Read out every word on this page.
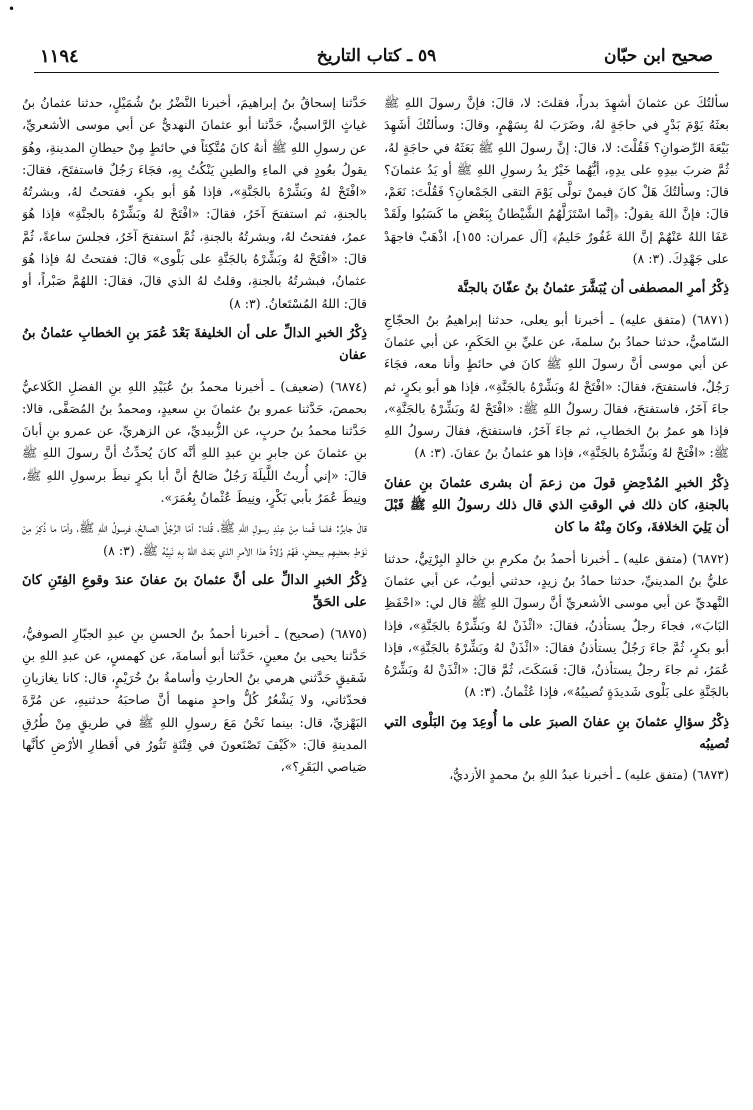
•
صحيح ابن حبّان
٥٩ ـ كتاب التاريخ
١١٩٤

سألتُكَ عن عثمانَ أشهِدَ بدراً، فقلتَ: لا، قالَ: فإنَّ رسولَ اللهِ ﷺ بعثَهُ يَوْمَ بَدْرٍ في حاجَةٍ لهُ، وضَرَبَ لهُ بِسَهْمٍ، وقالَ: وسألتُكَ أشَهِدَ بَيْعَةَ الرِّضوانِ؟ فَقُلْتَ: لا، قالَ: إنَّ رسولَ اللهِ ﷺ بَعَثَهُ في حاجَةٍ لهُ، ثُمَّ ضربَ بيدِهِ على يدِهِ، أيُّهُما خَيْرٌ يدُ رسولِ اللهِ ﷺ أو يَدُ عثمانَ؟ قالَ: وسألتُكَ هَلْ كانَ فيمنْ تولَّى يَوْمَ التقى الجَمْعانِ؟ فَقُلْتَ: نَعَمْ، قالَ: فإنَّ اللهَ يقولُ: ﴿إنَّما اسْتَزَلَّهُمُ الشَّيْطانُ بِبَعْضِ ما كَسَبُوا ولَقَدْ عَفَا اللهُ عَنْهُمْ إنَّ اللهَ غَفُورٌ حَليمٌ﴾ [آل عمران: ١٥٥]، اذْهَبْ فاجهَدْ على جَهْدِكَ. (٣: ٨)

ذِكْرُ أمرِ المصطفى أن يُبَشَّرَ عثمانُ بنُ عفّانَ بالجنَّة

(٦٨٧١) (متفق عليه) ـ أخبرنا أبو يعلى، حدثنا إبراهيمُ بنُ الحجّاجِ السّاميُّ، حدثنا حمادُ بنُ سلمةَ، عن عليِّ بنِ الحَكَمِ، عن أبي عثمانَ عن أبي موسى أنَّ رسولَ اللهِ ﷺ كانَ في حائطٍ وأنا معه، فجَاءَ رَجُلٌ، فاستفتحَ، فقالَ: «افْتَحْ لهُ وبَشِّرْهُ بالجَنَّةِ»، فإذا هو أبو بكرٍ، ثم جاءَ آخَرُ، فاستفتحَ، فقالَ رسولُ اللهِ ﷺ: «افْتَحْ لهُ وبَشِّرْهُ بالجَنَّةِ»، فإذا هو عمرُ بنُ الخطابِ، ثم جاءَ آخَرُ، فاستفتحَ، فقالَ رسولُ اللهِ ﷺ: «افْتَحْ لهُ وبَشِّرْهُ بالجَنَّةِ»، فإذا هو عثمانُ بنُ عفانَ. (٣: ٨)

ذِكْرُ الخبرِ المُدْحِضِ قولَ من زعمَ أن بشرى عثمانَ بنِ عفانَ بالجنةِ، كان ذلك في الوقتِ الذي قال ذلك رسولُ اللهِ ﷺ قَبْلَ أن يَلِيَ الخلافةَ، وكانَ مِنْهُ ما كان

(٦٨٧٢) (متفق عليه) ـ أخبرنا أحمدُ بنُ مكرمِ بنِ خالدٍ البِرْتِيُّ، حدثنا عليُّ بنُ المدينيِّ، حدثنا حمادُ بنُ زيدٍ، حدثني أيوبُ، عن أبي عثمانَ النَّهديِّ عن أبي موسى الأشعريِّ أنَّ رسولَ اللهِ ﷺ قال لي: «احْفَظِ البَابَ»، فجاءَ رجلٌ يستأذنُ، فقالَ: «ائْذَنْ لهُ وبَشِّرْهُ بالجَنَّةِ»، فإذا أبو بكرٍ، ثُمَّ جاءَ رَجُلٌ يستأذنُ فقالَ: «ائْذَنْ لهُ وبَشِّرْهُ بالجَنَّةِ»، فإذا عُمَرُ، ثم جاءَ رجلٌ يستأذنُ، قالَ: فَسَكَتَ، ثُمَّ قالَ: «ائْذَنْ لهُ وبَشِّرْهُ بالجَنَّةِ على بَلْوى شَديدَةٍ تُصيبُهُ»، فإذا عُثْمانُ. (٣: ٨)

ذِكْرُ سؤالِ عثمانَ بنِ عفانَ الصبرَ على ما أُوعِدَ مِنَ البَلْوى التي تُصيبُه

(٦٨٧٣) (متفق عليه) ـ أخبرنا عبدُ اللهِ بنُ محمدٍ الأزديُّ،

حَدَّثنا إسحاقُ بنُ إبراهيمَ، أخبرنا النَّضْرُ بنُ شُمَيْلٍ، حدثنا عثمانُ بنُ غياثٍ الرَّاسبيُّ، حَدَّثنا أبو عثمانَ النهديُّ عن أبي موسى الأشعريِّ، عن رسولِ اللهِ ﷺ أنهُ كانَ مُتَّكِئاً في حائطٍ مِنْ حيطانِ المدينةِ، وهُوَ يقولُ بعُودٍ في الماءِ والطينِ يَنْكُتُ بِهِ، فجَاءَ رَجُلٌ فاستفتَحَ، فقالَ: «افْتَحْ لهُ وبَشِّرْهُ بالجَنَّةِ»، فإذا هُوَ أبو بكرٍ، ففتحتُ لهُ، وبشرتُهُ بالجنةِ، ثم استفتحَ آخَرُ، فقالَ: «افْتَحْ لهُ وبَشِّرْهُ بالجنَّةِ» فإذا هُوَ عمرُ، ففتحتُ لهُ، وبشرتُهُ بالجنةِ، ثُمَّ استفتحَ آخَرُ، فجلسَ ساعةً، ثُمَّ قالَ: «افْتَحْ لهُ وبَشِّرْهُ بالجَنَّةِ على بَلْوى» قالَ: ففتحتُ لهُ فإذا هُوَ عثمانُ، فبشرتُهُ بالجنةِ، وقلتُ لهُ الذي قالَ، فقالَ: اللهُمَّ صَبْراً، أو قالَ: اللهُ المُسْتَعانُ. (٣: ٨)

ذِكْرُ الخبرِ الدالِّ على أن الخليفةَ بَعْدَ عُمَرَ بنِ الخطابِ عثمانُ بنُ عفان

(٦٨٧٤) (ضعيف) ـ أخبرنا محمدُ بنُ عُبَيْدِ اللهِ بنِ الفضلِ الكَلاعيُّ بحمصَ، حَدَّثنا عمرو بنُ عثمانَ بنِ سعيدٍ، ومحمدُ بنُ المُصَفَّى، قالا: حَدَّثنا محمدُ بنُ حربٍ، عن الزُّبيديِّ، عن الزهريِّ، عن عمرو بنِ أبانَ بنِ عثمانَ عن جابرِ بنِ عبدِ اللهِ أنَّه كانَ يُحدِّثُ أنَّ رسولَ اللهِ ﷺ قالَ: «إني أُريتُ اللَّيلَةَ رَجُلٌ صَالحٌ أنَّ أبا بكرٍ نيطَ برسولِ اللهِ ﷺ، ونِيطَ عُمَرُ بأبي بَكْرٍ، ونِيطَ عُثْمانُ بِعُمَرَ».

قالَ جابرٌ: فلما قُمنا مِنْ عِنْدِ رسولِ اللهِ ﷺ، قُلنا: أمّا الرَّجُلُ الصالحُ، فرسولُ اللهِ ﷺ، وأمّا ما ذُكِرَ مِنْ نَوْطِ بعضِهِم ببعضٍ، فَهُمْ وُلاةُ هذا الأمرِ الذي بَعَثَ اللهُ بِهِ نَبِيَّهُ ﷺ. (٣: ٨)

ذِكْرُ الخبرِ الدالِّ على أنَّ عثمانَ بنَ عفانَ عندَ وقوعِ الفِتَنِ كانَ على الحَقِّ

(٦٨٧٥) (صحيح) ـ أخبرنا أحمدُ بنُ الحسنِ بنِ عبدِ الجبّارِ الصوفيُّ، حَدَّثنا يحيى بنُ معينٍ، حَدَّثنا أبو أسامةَ، عن كهمسٍ، عن عبدِ اللهِ بنِ شَقيقٍ حَدَّثني هرمي بنُ الحارثِ وأسامةُ بنُ خُرَيْمٍ، قال: كانا يغازيانِ فحدّثاني، ولا يَشْعُرُ كُلُّ واحدٍ منهما أنَّ صاحبَهُ حدثنيهِ، عن مُرَّةَ البَهْزيِّ، قال: بينما نَحْنُ مَعَ رسولِ اللهِ ﷺ في طريقٍ مِنْ طُرُقِ المدينةِ قالَ: «كَيْفَ تَصْنَعونَ في فِتْنَةٍ تَثُورُ في أقطارِ الأرْضِ كأنَّها صَياصي البَقَرِ؟»،
